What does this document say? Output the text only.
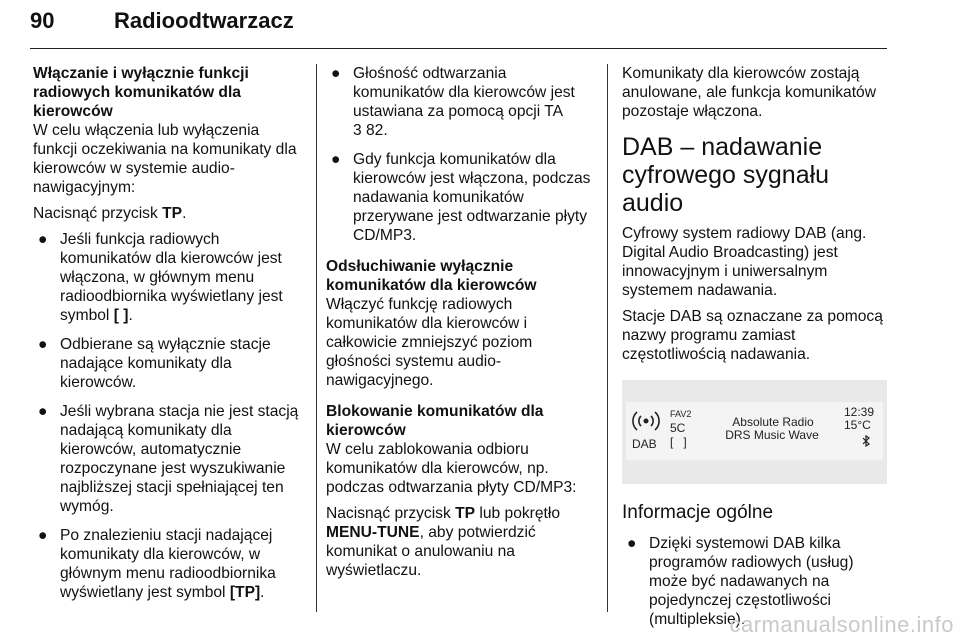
90	Radioodtwarzacz
Włączanie i wyłącznie funkcji
radiowych komunikatów dla
kierowców

W celu włączenia lub wyłączenia funkcji oczekiwania na komunikaty dla kierowców w systemie audio-nawigacyjnym:

Nacisnąć przycisk TP.

● Jeśli funkcja radiowych komunikatów dla kierowców jest włączona, w głównym menu radioodbiornika wyświetlany jest symbol [ ].
● Odbierane są wyłącznie stacje nadające komunikaty dla kierowców.
● Jeśli wybrana stacja nie jest stacją nadającą komunikaty dla kierowców, automatycznie rozpoczynane jest wyszukiwanie najbliższej stacji spełniającej ten wymóg.
● Po znalezieniu stacji nadającej komunikaty dla kierowców, w głównym menu radioodbiornika wyświetlany jest symbol [TP].
● Głośność odtwarzania komunikatów dla kierowców jest ustawiana za pomocą opcji TA
3 82.
● Gdy funkcja komunikatów dla kierowców jest włączona, podczas nadawania komunikatów przerywane jest odtwarzanie płyty CD/MP3.
Odsłuchiwanie wyłącznie
komunikatów dla kierowców

Włączyć funkcję radiowych komunikatów dla kierowców i całkowicie zmniejszyć poziom głośności systemu audio-nawigacyjnego.

Blokowanie komunikatów dla
kierowców

W celu zablokowania odbioru komunikatów dla kierowców, np. podczas odtwarzania płyty CD/MP3:

Nacisnąć przycisk TP lub pokrętło MENU-TUNE, aby potwierdzić komunikat o anulowaniu na wyświetlaczu.

Komunikaty dla kierowców zostają anulowane, ale funkcja komunikatów pozostaje włączona.

DAB – nadawanie
cyfrowego sygnału audio

Cyfrowy system radiowy DAB (ang. Digital Audio Broadcasting) jest innowacyjnym i uniwersalnym systemem nadawania.

Stacje DAB są oznaczane za pomocą nazwy programu zamiast częstotliwością nadawania.

DAB
FAV2
5C
[   ]
Absolute Radio
DRS Music Wave
12:39
15°C
Informacje ogólne
● Dzięki systemowi DAB kilka programów radiowych (usług) może być nadawanych na pojedynczej częstotliwości (multipleksie).
carmanualsonline.info
